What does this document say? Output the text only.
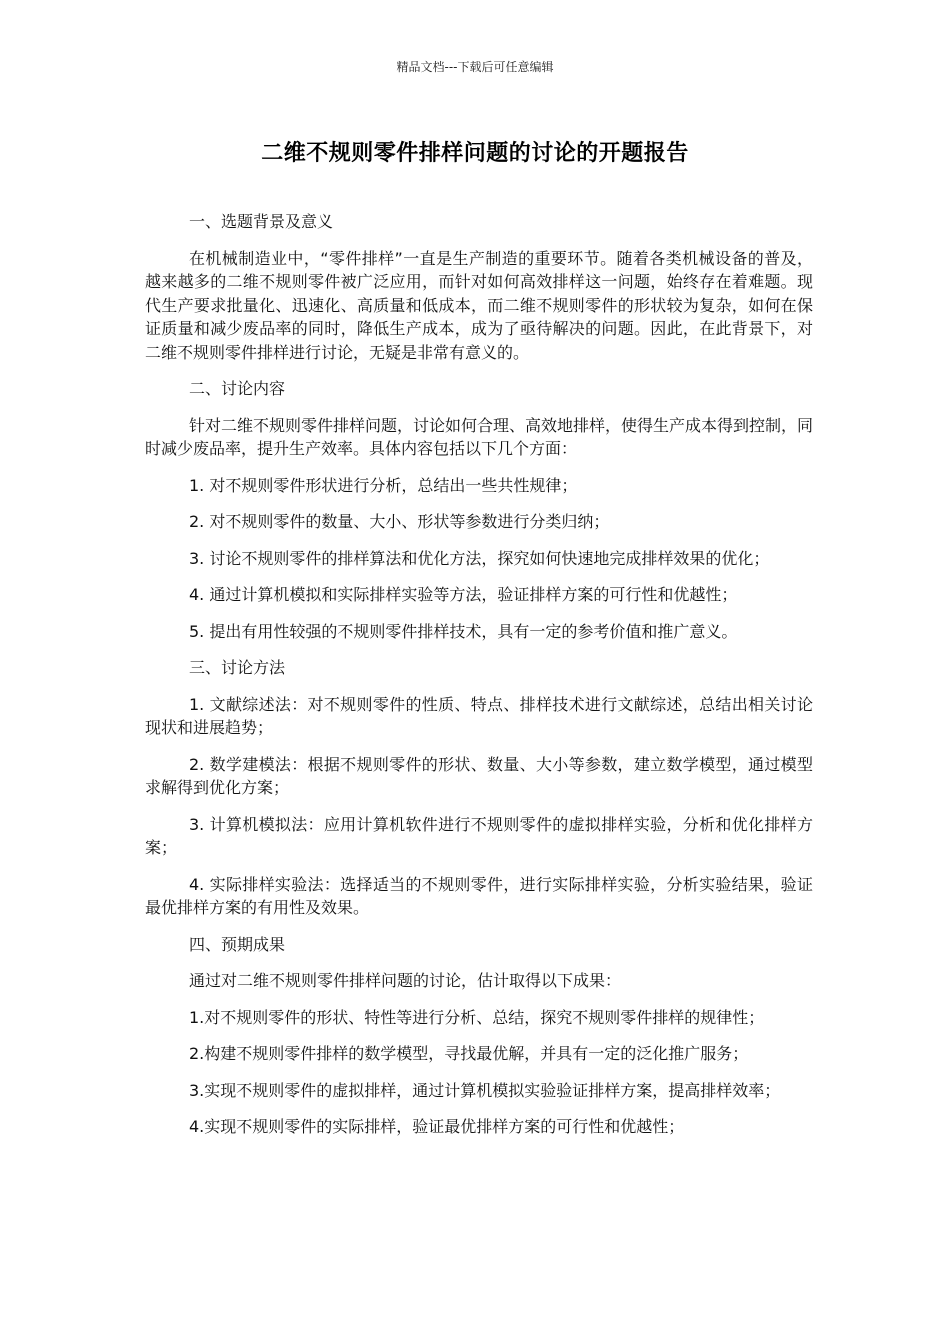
精品文档---下载后可任意编辑
二维不规则零件排样问题的讨论的开题报告

一、选题背景及意义

在机械制造业中，“零件排样”一直是生产制造的重要环节。随着各类机械设备的普及，越来越多的二维不规则零件被广泛应用，而针对如何高效排样这一问题，始终存在着难题。现代生产要求批量化、迅速化、高质量和低成本，而二维不规则零件的形状较为复杂，如何在保证质量和减少废品率的同时，降低生产成本，成为了亟待解决的问题。因此，在此背景下，对二维不规则零件排样进行讨论，无疑是非常有意义的。

二、讨论内容

针对二维不规则零件排样问题，讨论如何合理、高效地排样，使得生产成本得到控制，同时减少废品率，提升生产效率。具体内容包括以下几个方面：

1. 对不规则零件形状进行分析，总结出一些共性规律；

2. 对不规则零件的数量、大小、形状等参数进行分类归纳；

3. 讨论不规则零件的排样算法和优化方法，探究如何快速地完成排样效果的优化；

4. 通过计算机模拟和实际排样实验等方法，验证排样方案的可行性和优越性；

5. 提出有用性较强的不规则零件排样技术，具有一定的参考价值和推广意义。

三、讨论方法

1. 文献综述法：对不规则零件的性质、特点、排样技术进行文献综述，总结出相关讨论现状和进展趋势；

2. 数学建模法：根据不规则零件的形状、数量、大小等参数，建立数学模型，通过模型求解得到优化方案；

3. 计算机模拟法：应用计算机软件进行不规则零件的虚拟排样实验，分析和优化排样方案；

4. 实际排样实验法：选择适当的不规则零件，进行实际排样实验，分析实验结果，验证最优排样方案的有用性及效果。

四、预期成果

通过对二维不规则零件排样问题的讨论，估计取得以下成果：

1.对不规则零件的形状、特性等进行分析、总结，探究不规则零件排样的规律性；

2.构建不规则零件排样的数学模型，寻找最优解，并具有一定的泛化推广服务；

3.实现不规则零件的虚拟排样，通过计算机模拟实验验证排样方案，提高排样效率；

4.实现不规则零件的实际排样，验证最优排样方案的可行性和优越性；
